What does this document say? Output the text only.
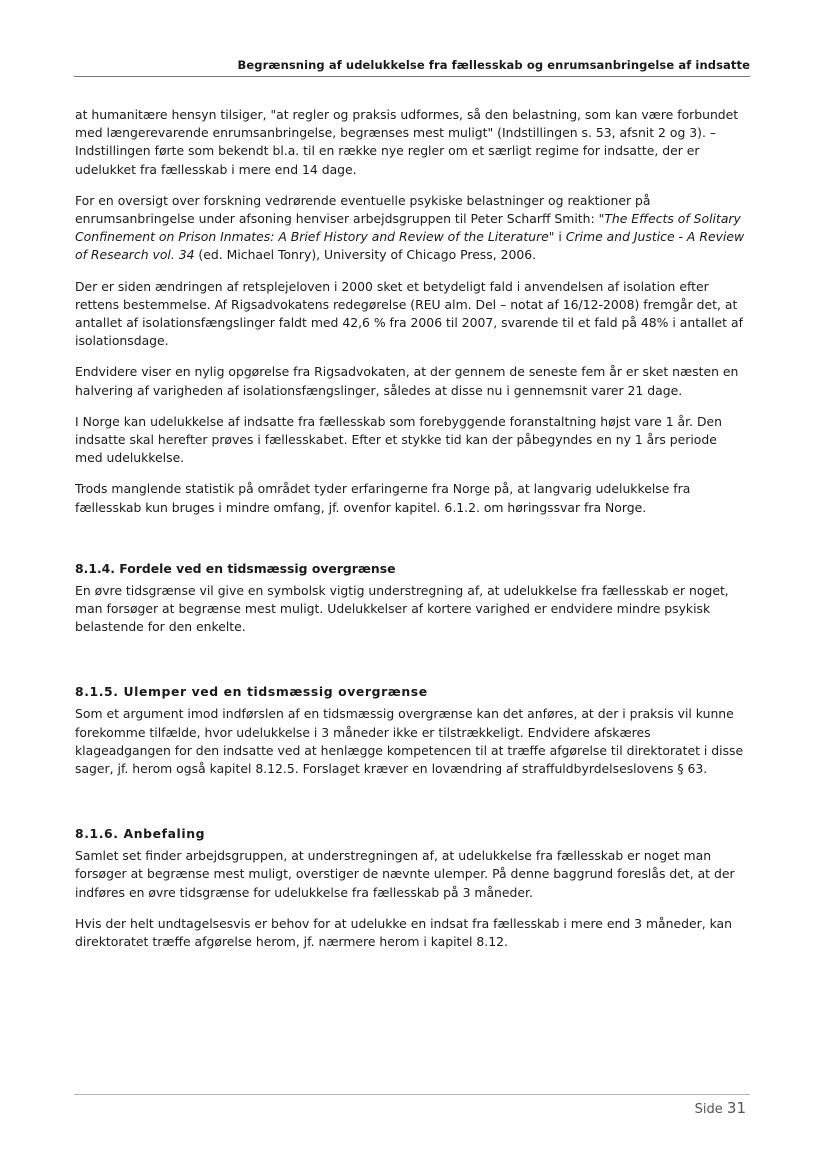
Begrænsning af udelukkelse fra fællesskab og enrumsanbringelse af indsatte

at humanitære hensyn tilsiger, "at regler og praksis udformes, så den belastning, som kan være forbundet med længerevarende enrumsanbringelse, begrænses mest muligt" (Indstillingen s. 53, afsnit 2 og 3). – Indstillingen førte som bekendt bl.a. til en række nye regler om et særligt regime for indsatte, der er udelukket fra fællesskab i mere end 14 dage.

For en oversigt over forskning vedrørende eventuelle psykiske belastninger og reaktioner på enrumsanbringelse under afsoning henviser arbejdsgruppen til Peter Scharff Smith: "The Effects of Solitary Confinement on Prison Inmates: A Brief History and Review of the Literature" i Crime and Justice - A Review of Research vol. 34 (ed. Michael Tonry), University of Chicago Press, 2006.

Der er siden ændringen af retsplejeloven i 2000 sket et betydeligt fald i anvendelsen af isolation efter rettens bestemmelse. Af Rigsadvokatens redegørelse (REU alm. Del – notat af 16/12-2008) fremgår det, at antallet af isolationsfængslinger faldt med 42,6 % fra 2006 til 2007, svarende til et fald på 48% i antallet af isolationsdage.

Endvidere viser en nylig opgørelse fra Rigsadvokaten, at der gennem de seneste fem år er sket næsten en halvering af varigheden af isolationsfængslinger, således at disse nu i gennemsnit varer 21 dage.

I Norge kan udelukkelse af indsatte fra fællesskab som forebyggende foranstaltning højst vare 1 år. Den indsatte skal herefter prøves i fællesskabet. Efter et stykke tid kan der påbegyndes en ny 1 års periode med udelukkelse.

Trods manglende statistik på området tyder erfaringerne fra Norge på, at langvarig udelukkelse fra fællesskab kun bruges i mindre omfang, jf. ovenfor kapitel. 6.1.2. om høringssvar fra Norge.

8.1.4. Fordele ved en tidsmæssig overgrænse

En øvre tidsgrænse vil give en symbolsk vigtig understregning af, at udelukkelse fra fællesskab er noget, man forsøger at begrænse mest muligt. Udelukkelser af kortere varighed er endvidere mindre psykisk belastende for den enkelte.

8.1.5. Ulemper ved en tidsmæssig overgrænse

Som et argument imod indførslen af en tidsmæssig overgrænse kan det anføres, at der i praksis vil kunne forekomme tilfælde, hvor udelukkelse i 3 måneder ikke er tilstrækkeligt. Endvidere afskæres klageadgangen for den indsatte ved at henlægge kompetencen til at træffe afgørelse til direktoratet i disse sager, jf. herom også kapitel 8.12.5. Forslaget kræver en lovændring af straffuldbyrdelseslovens § 63.

8.1.6. Anbefaling

Samlet set finder arbejdsgruppen, at understregningen af, at udelukkelse fra fællesskab er noget man forsøger at begrænse mest muligt, overstiger de nævnte ulemper. På denne baggrund foreslås det, at der indføres en øvre tidsgrænse for udelukkelse fra fællesskab på 3 måneder.

Hvis der helt undtagelsesvis er behov for at udelukke en indsat fra fællesskab i mere end 3 måneder, kan direktoratet træffe afgørelse herom, jf. nærmere herom i kapitel 8.12.

Side 31
